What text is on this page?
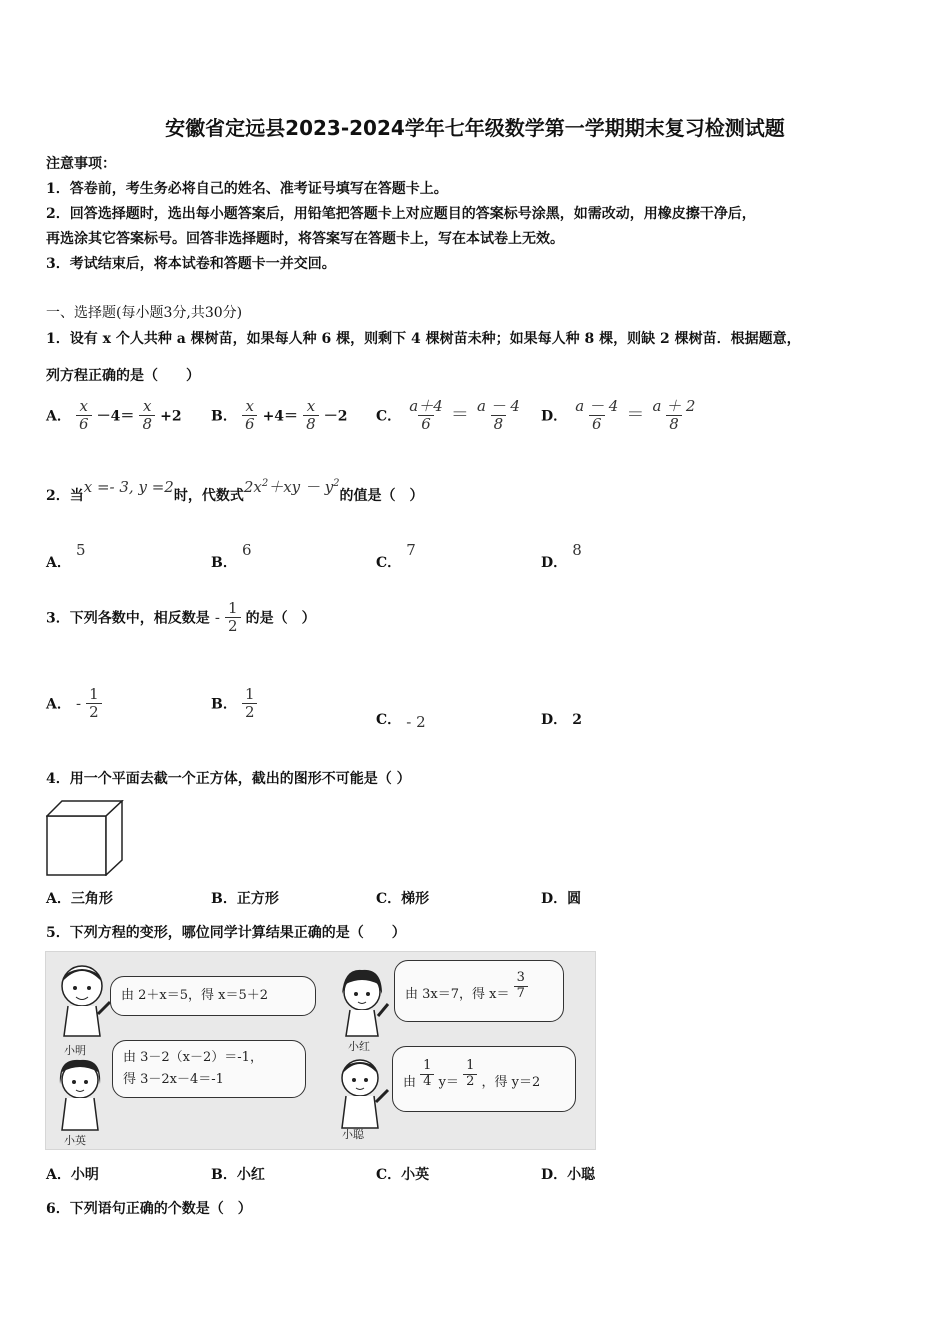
安徽省定远县2023-2024学年七年级数学第一学期期末复习检测试题
注意事项：
1．答卷前，考生务必将自己的姓名、准考证号填写在答题卡上。
2．回答选择题时，选出每小题答案后，用铅笔把答题卡上对应题目的答案标号涂黑，如需改动，用橡皮擦干净后，
再选涂其它答案标号。回答非选择题时，将答案写在答题卡上，写在本试卷上无效。
3．考试结束后，将本试卷和答题卡一并交回。
一、选择题(每小题3分,共30分)
1．设有 x 个人共种 a 棵树苗，如果每人种 6 棵，则剩下 4 棵树苗未种；如果每人种 8 棵，则缺 2 棵树苗．根据题意，
列方程正确的是（　　）
A． $\frac{x}{6} -4= \frac{x}{8} +2$ B． $\frac{x}{6} +4= \frac{x}{8} -2$ C． $\frac{a+4}{6} = \frac{a - 4}{8}$ D． $\frac{a - 4}{6} = \frac{a + 2}{8}$
2．当x =- 3, y =2时，代数式$2x^2+xy - y^2$的值是（　）
A． 5
B． 6
C． 7
D． 8
3．下列各数中，相反数是 - $\frac{1}{2}$ 的是（　）
A． - $\frac{1}{2}$	B． $\frac{1}{2}$	C． - 2	D． 2
4．用一个平面去截一个正方体，截出的图形不可能是（ ）
A．三角形	B．正方形	C．梯形	D．圆
5．下列方程的变形，哪位同学计算结果正确的是（　　）
小明
由 2＋x＝5，得 x＝5＋2
小红
由 3x＝7，得 $x= \frac{3}{7}$
小英
由 3－2（x－2）＝-1，
得 3－2x－4＝-1
小聪
由 $\frac{1}{4} y= \frac{1}{2}$ ，得 y＝2
A．小明	B．小红	C．小英	D．小聪
6．下列语句正确的个数是（　）
